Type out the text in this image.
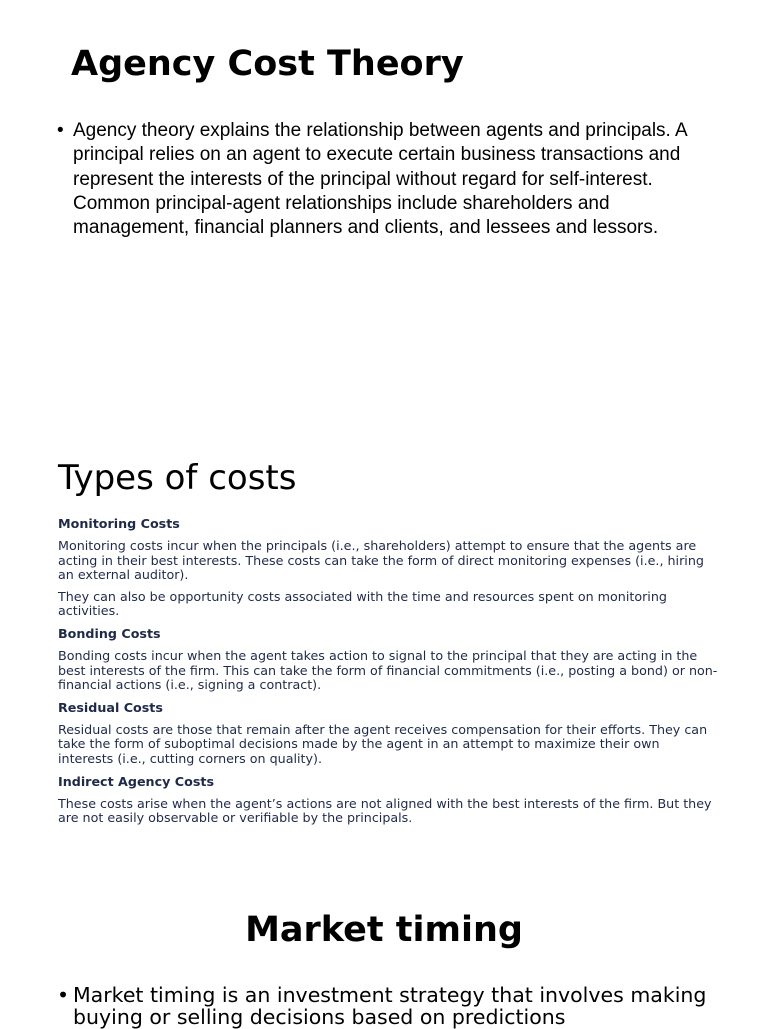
Agency Cost Theory
• Agency theory explains the relationship between agents and principals. A principal relies on an agent to execute certain business transactions and represent the interests of the principal without regard for self-interest. Common principal-agent relationships include shareholders and management, financial planners and clients, and lessees and lessors.
Types of costs
Monitoring Costs

Monitoring costs incur when the principals (i.e., shareholders) attempt to ensure that the agents are acting in their best interests. These costs can take the form of direct monitoring expenses (i.e., hiring an external auditor).

They can also be opportunity costs associated with the time and resources spent on monitoring activities.

Bonding Costs

Bonding costs incur when the agent takes action to signal to the principal that they are acting in the best interests of the firm. This can take the form of financial commitments (i.e., posting a bond) or non-financial actions (i.e., signing a contract).

Residual Costs

Residual costs are those that remain after the agent receives compensation for their efforts. They can take the form of suboptimal decisions made by the agent in an attempt to maximize their own interests (i.e., cutting corners on quality).

Indirect Agency Costs

These costs arise when the agent’s actions are not aligned with the best interests of the firm. But they are not easily observable or verifiable by the principals.

Market timing
• Market timing is an investment strategy that involves making buying or selling decisions based on predictions
